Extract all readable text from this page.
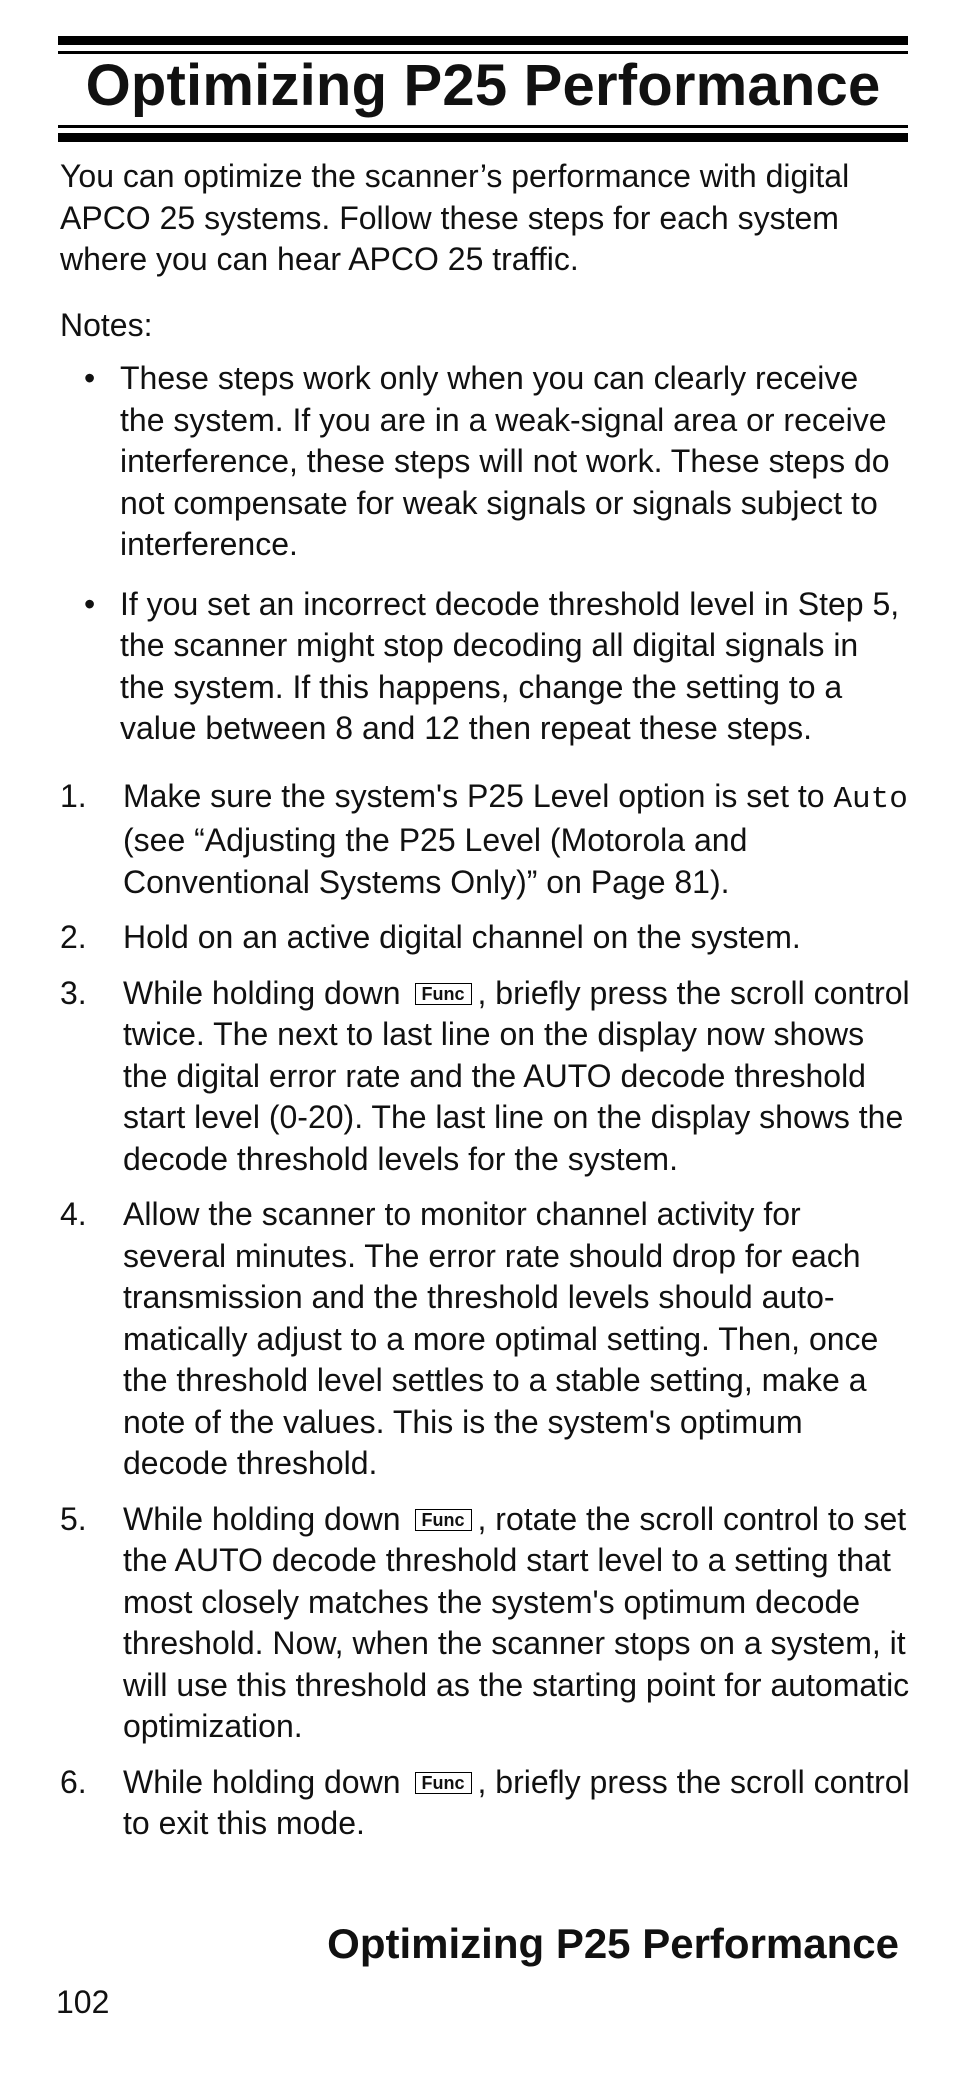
Optimizing P25 Performance

You can optimize the scanner’s performance with digital APCO 25 systems. Follow these steps for each system where you can hear APCO 25 traffic.

Notes:

• These steps work only when you can clearly receive the system. If you are in a weak-signal area or receive interference, these steps will not work. These steps do not compensate for weak signals or signals subject to interference.
• If you set an incorrect decode threshold level in Step 5, the scanner might stop decoding all digital signals in the system. If this happens, change the setting to a value between 8 and 12 then repeat these steps.
1. Make sure the system's P25 Level option is set to Auto (see “Adjusting the P25 Level (Motorola and Conventional Systems Only)” on Page 81).
2. Hold on an active digital channel on the system.
3. While holding down Func , briefly press the scroll control twice. The next to last line on the display now shows the digital error rate and the AUTO decode threshold start level (0-20). The last line on the display shows the decode threshold levels for the system.
4. Allow the scanner to monitor channel activity for several minutes. The error rate should drop for each transmission and the threshold levels should auto-matically adjust to a more optimal setting. Then, once the threshold level settles to a stable setting, make a note of the values. This is the system's optimum decode threshold.
5. While holding down Func , rotate the scroll control to set the AUTO decode threshold start level to a setting that most closely matches the system's optimum decode threshold. Now, when the scanner stops on a system, it will use this threshold as the starting point for automatic optimization.
6. While holding down Func , briefly press the scroll control to exit this mode.
Optimizing P25 Performance
102
